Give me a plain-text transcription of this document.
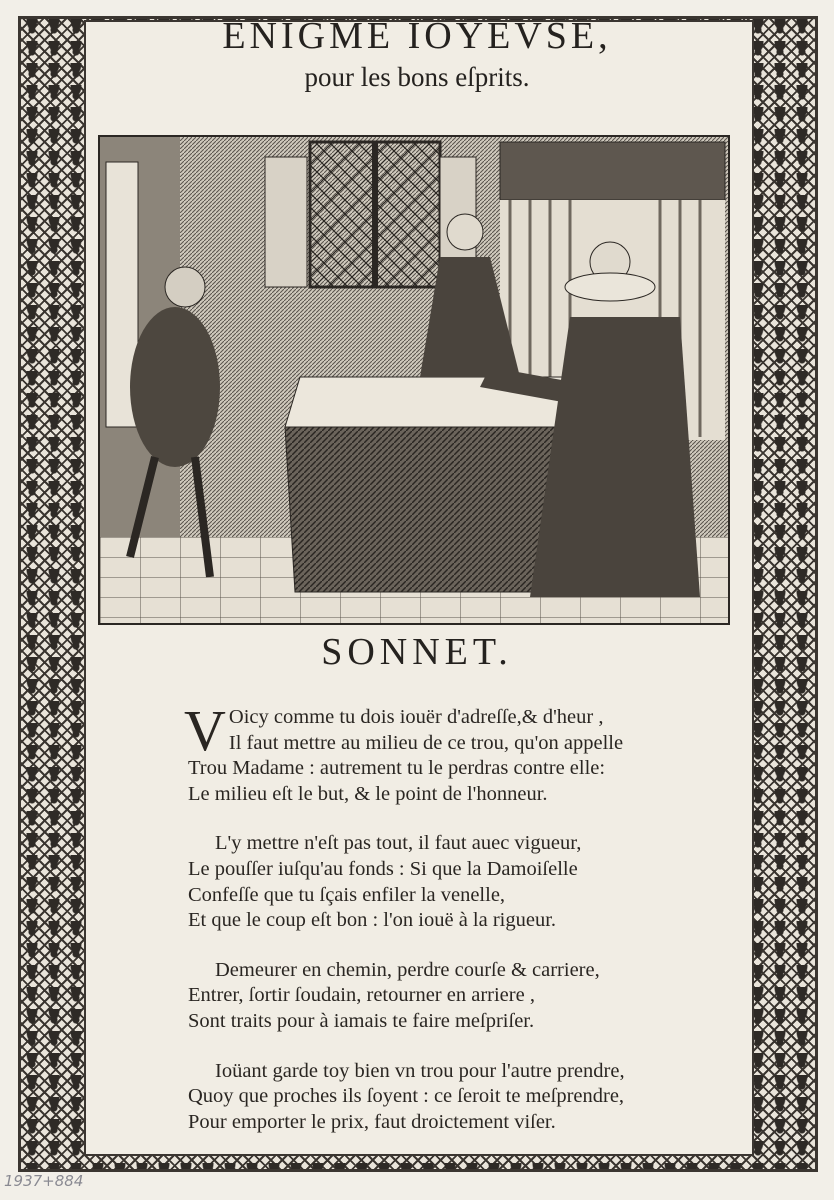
ENIGME IOYEVSE,
pour les bons eſprits.
SONNET.
V Oicy comme tu dois iouër d'adreſſe,& d'heur ,
Il faut mettre au milieu de ce trou, qu'on appelle
Trou Madame : autrement tu le perdras contre elle:
Le milieu eſt le but, & le point de l'honneur.
L'y mettre n'eſt pas tout, il faut auec vigueur,
Le pouſſer iuſqu'au fonds : Si que la Damoiſelle
Confeſſe que tu ſçais enfiler la venelle,
Et que le coup eſt bon : l'on iouë à la rigueur.
Demeurer en chemin, perdre courſe & carriere,
Entrer, ſortir ſoudain, retourner en arriere ,
Sont traits pour à iamais te faire meſpriſer.
Ioüant garde toy bien vn trou pour l'autre prendre,
Quoy que proches ils ſoyent : ce ſeroit te meſprendre,
Pour emporter le prix, faut droictement viſer.
1937+884
